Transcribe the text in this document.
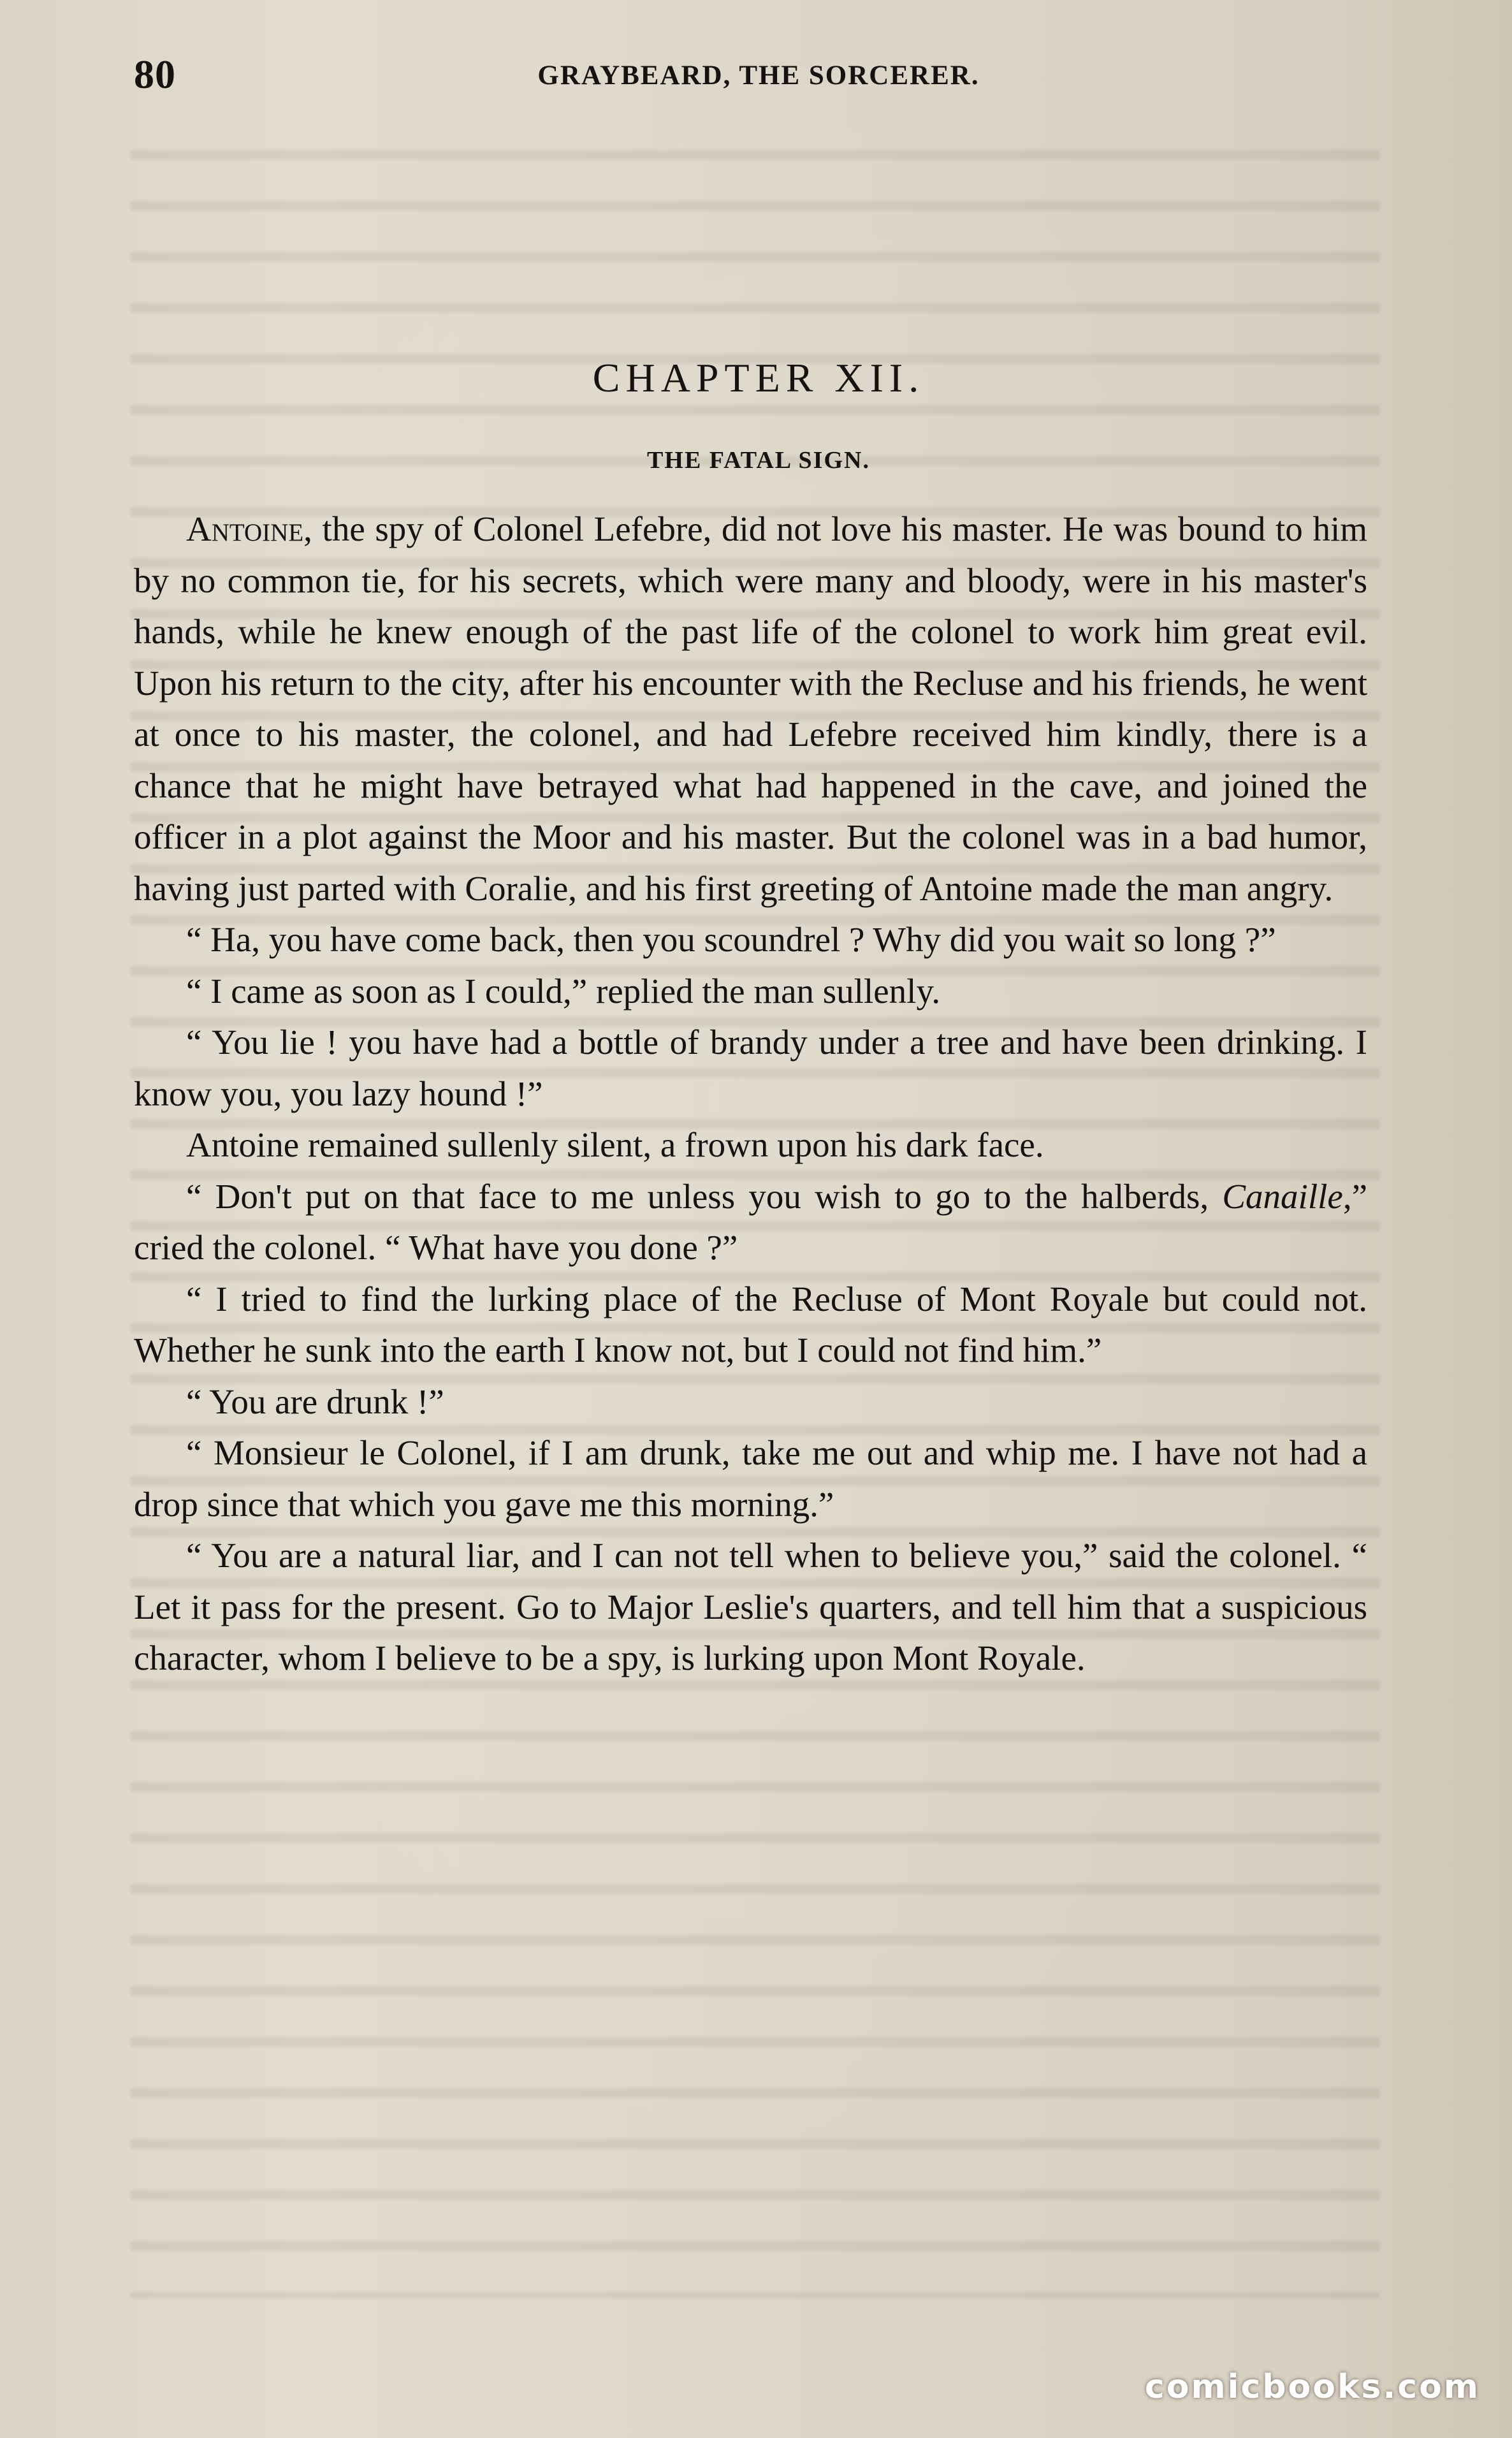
80	GRAYBEARD, THE SORCERER.
CHAPTER XII.
THE FATAL SIGN.

Antoine, the spy of Colonel Lefebre, did not love his master. He was bound to him by no common tie, for his secrets, which were many and bloody, were in his master's hands, while he knew enough of the past life of the colonel to work him great evil. Upon his return to the city, after his encounter with the Recluse and his friends, he went at once to his master, the colonel, and had Lefebre received him kindly, there is a chance that he might have betrayed what had happened in the cave, and joined the officer in a plot against the Moor and his master. But the colonel was in a bad humor, having just parted with Coralie, and his first greeting of Antoine made the man angry.

“ Ha, you have come back, then you scoundrel ? Why did you wait so long ?”

“ I came as soon as I could,” replied the man sullenly.

“ You lie ! you have had a bottle of brandy under a tree and have been drinking. I know you, you lazy hound !”

Antoine remained sullenly silent, a frown upon his dark face.

“ Don't put on that face to me unless you wish to go to the halberds, Canaille,” cried the colonel. “ What have you done ?”

“ I tried to find the lurking place of the Recluse of Mont Royale but could not. Whether he sunk into the earth I know not, but I could not find him.”

“ You are drunk !”

“ Monsieur le Colonel, if I am drunk, take me out and whip me. I have not had a drop since that which you gave me this morning.”

“ You are a natural liar, and I can not tell when to believe you,” said the colonel. “ Let it pass for the present. Go to Major Leslie's quarters, and tell him that a suspicious character, whom I believe to be a spy, is lurking upon Mont Royale.

comicbooks.com
